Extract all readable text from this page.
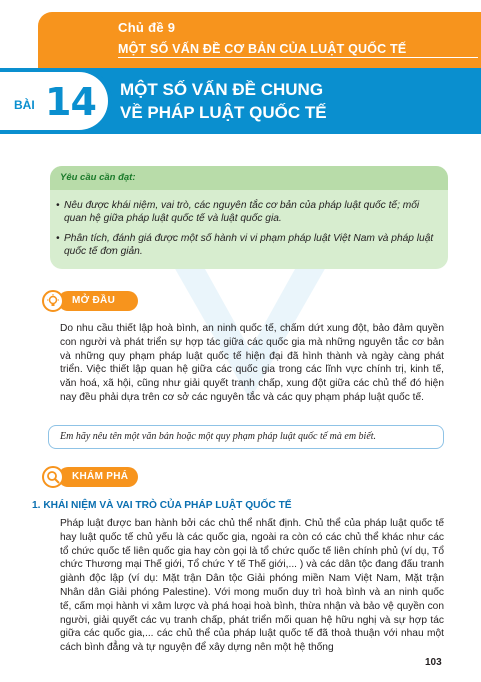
Chủ đề 9
MỘT SỐ VẤN ĐỀ CƠ BẢN CỦA LUẬT QUỐC TẾ
BÀI 14 MỘT SỐ VẤN ĐỀ CHUNG
VỀ PHÁP LUẬT QUỐC TẾ
Yêu cầu cần đạt:
• Nêu được khái niệm, vai trò, các nguyên tắc cơ bản của pháp luật quốc tế; mối quan hệ giữa pháp luật quốc tế và luật quốc gia.
• Phân tích, đánh giá được một số hành vi vi phạm pháp luật Việt Nam và pháp luật quốc tế đơn giản.
MỞ ĐẦU
Do nhu cầu thiết lập hoà bình, an ninh quốc tế, chấm dứt xung đột, bảo đảm quyền con người và phát triển sự hợp tác giữa các quốc gia mà những nguyên tắc cơ bản và những quy phạm pháp luật quốc tế hiện đại đã hình thành và ngày càng phát triển. Việc thiết lập quan hệ giữa các quốc gia trong các lĩnh vực chính trị, kinh tế, văn hoá, xã hội, cũng như giải quyết tranh chấp, xung đột giữa các chủ thể đó hiện nay đều phải dựa trên cơ sở các nguyên tắc và các quy phạm pháp luật quốc tế.
Em hãy nêu tên một văn bản hoặc một quy phạm pháp luật quốc tế mà em biết.
KHÁM PHÁ
1. KHÁI NIỆM VÀ VAI TRÒ CỦA PHÁP LUẬT QUỐC TẾ
Pháp luật được ban hành bởi các chủ thể nhất định. Chủ thể của pháp luật quốc tế hay luật quốc tế chủ yếu là các quốc gia, ngoài ra còn có các chủ thể khác như các tổ chức quốc tế liên quốc gia hay còn gọi là tổ chức quốc tế liên chính phủ (ví dụ, Tổ chức Thương mại Thế giới, Tổ chức Y tế Thế giới,... ) và các dân tộc đang đấu tranh giành độc lập (ví dụ: Mặt trận Dân tộc Giải phóng miền Nam Việt Nam, Mặt trận Nhân dân Giải phóng Palestine). Với mong muốn duy trì hoà bình và an ninh quốc tế, cấm mọi hành vi xâm lược và phá hoại hoà bình, thừa nhận và bảo vệ quyền con người, giải quyết các vụ tranh chấp, phát triển mối quan hệ hữu nghị và sự hợp tác giữa các quốc gia,... các chủ thể của pháp luật quốc tế đã thoả thuận với nhau một cách bình đẳng và tự nguyện để xây dựng nên một hệ thống
103
